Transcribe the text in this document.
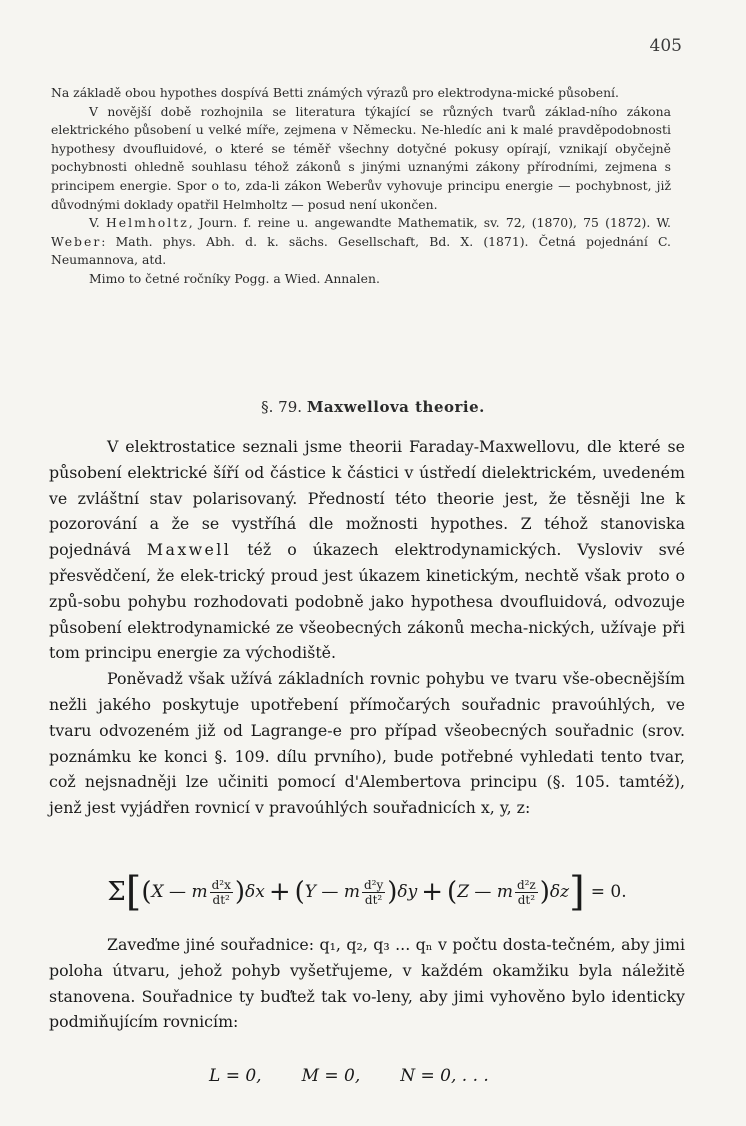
405

Na základě obou hypothes dospívá Betti známých výrazů pro elektrodyna-mické působení.

V novější době rozhojnila se literatura týkající se různých tvarů základ-ního zákona elektrického působení u velké míře, zejmena v Německu. Ne-hledíc ani k malé pravděpodobnosti hypothesy dvoufluidové, o které se téměř všechny dotyčné pokusy opírají, vznikají obyčejně pochybnosti ohledně souhlasu téhož zákonů s jinými uznanými zákony přírodními, zejmena s principem energie. Spor o to, zda-li zákon Weberův vyhovuje principu energie — pochybnost, již důvodnými doklady opatřil Helmholtz — posud není ukončen.

V. Helmholtz, Journ. f. reine u. angewandte Mathematik, sv. 72, (1870), 75 (1872). W. Weber: Math. phys. Abh. d. k. sächs. Gesellschaft, Bd. X. (1871). Četná pojednání C. Neumannova, atd.

Mimo to četné ročníky Pogg. a Wied. Annalen.

§. 79. Maxwellova theorie.

V elektrostatice seznali jsme theorii Faraday-Maxwellovu, dle které se působení elektrické šíří od částice k částici v ústředí dielektrickém, uvedeném ve zvláštní stav polarisovaný. Předností této theorie jest, že těsněji lne k pozorování a že se vystříhá dle možnosti hypothes. Z téhož stanoviska pojednává Maxwell též o úkazech elektrodynamických. Vysloviv své přesvědčení, že elek-trický proud jest úkazem kinetickým, nechtě však proto o způ-sobu pohybu rozhodovati podobně jako hypothesa dvoufluidová, odvozuje působení elektrodynamické ze všeobecných zákonů mecha-nických, užívaje při tom principu energie za východiště.

Poněvadž však užívá základních rovnic pohybu ve tvaru vše-obecnějším nežli jakého poskytuje upotřebení přímočarých souřadnic pravoúhlých, ve tvaru odvozeném již od Lagrange-e pro případ všeobecných souřadnic (srov. poznámku ke konci §. 109. dílu prvního), bude potřebné vyhledati tento tvar, což nejsnadněji lze učiniti pomocí d'Alembertova principu (§. 105. tamtéž), jenž jest vyjádřen rovnicí v pravoúhlých souřadnicích x, y, z:

Σ [ ( X
—
m $\frac{\text{d²x}}{\text{dt²}}$ ) δx + ( Y
—
m $\frac{\text{d²y}}{\text{dt²}}$ ) δy + ( Z
—
m $\frac{\text{d²z}}{\text{dt²}}$ ) δz ] = 0.

Zaveďme jiné souřadnice: q₁, q₂, q₃ ... qₙ v počtu dosta-tečném, aby jimi poloha útvaru, jehož pohyb vyšetřujeme, v každém okamžiku byla náležitě stanovena. Souřadnice ty buďtež tak vo-leny, aby jimi vyhověno bylo identicky podmiňujícím rovnicím:

L = 0, M = 0, N = 0, . . .
